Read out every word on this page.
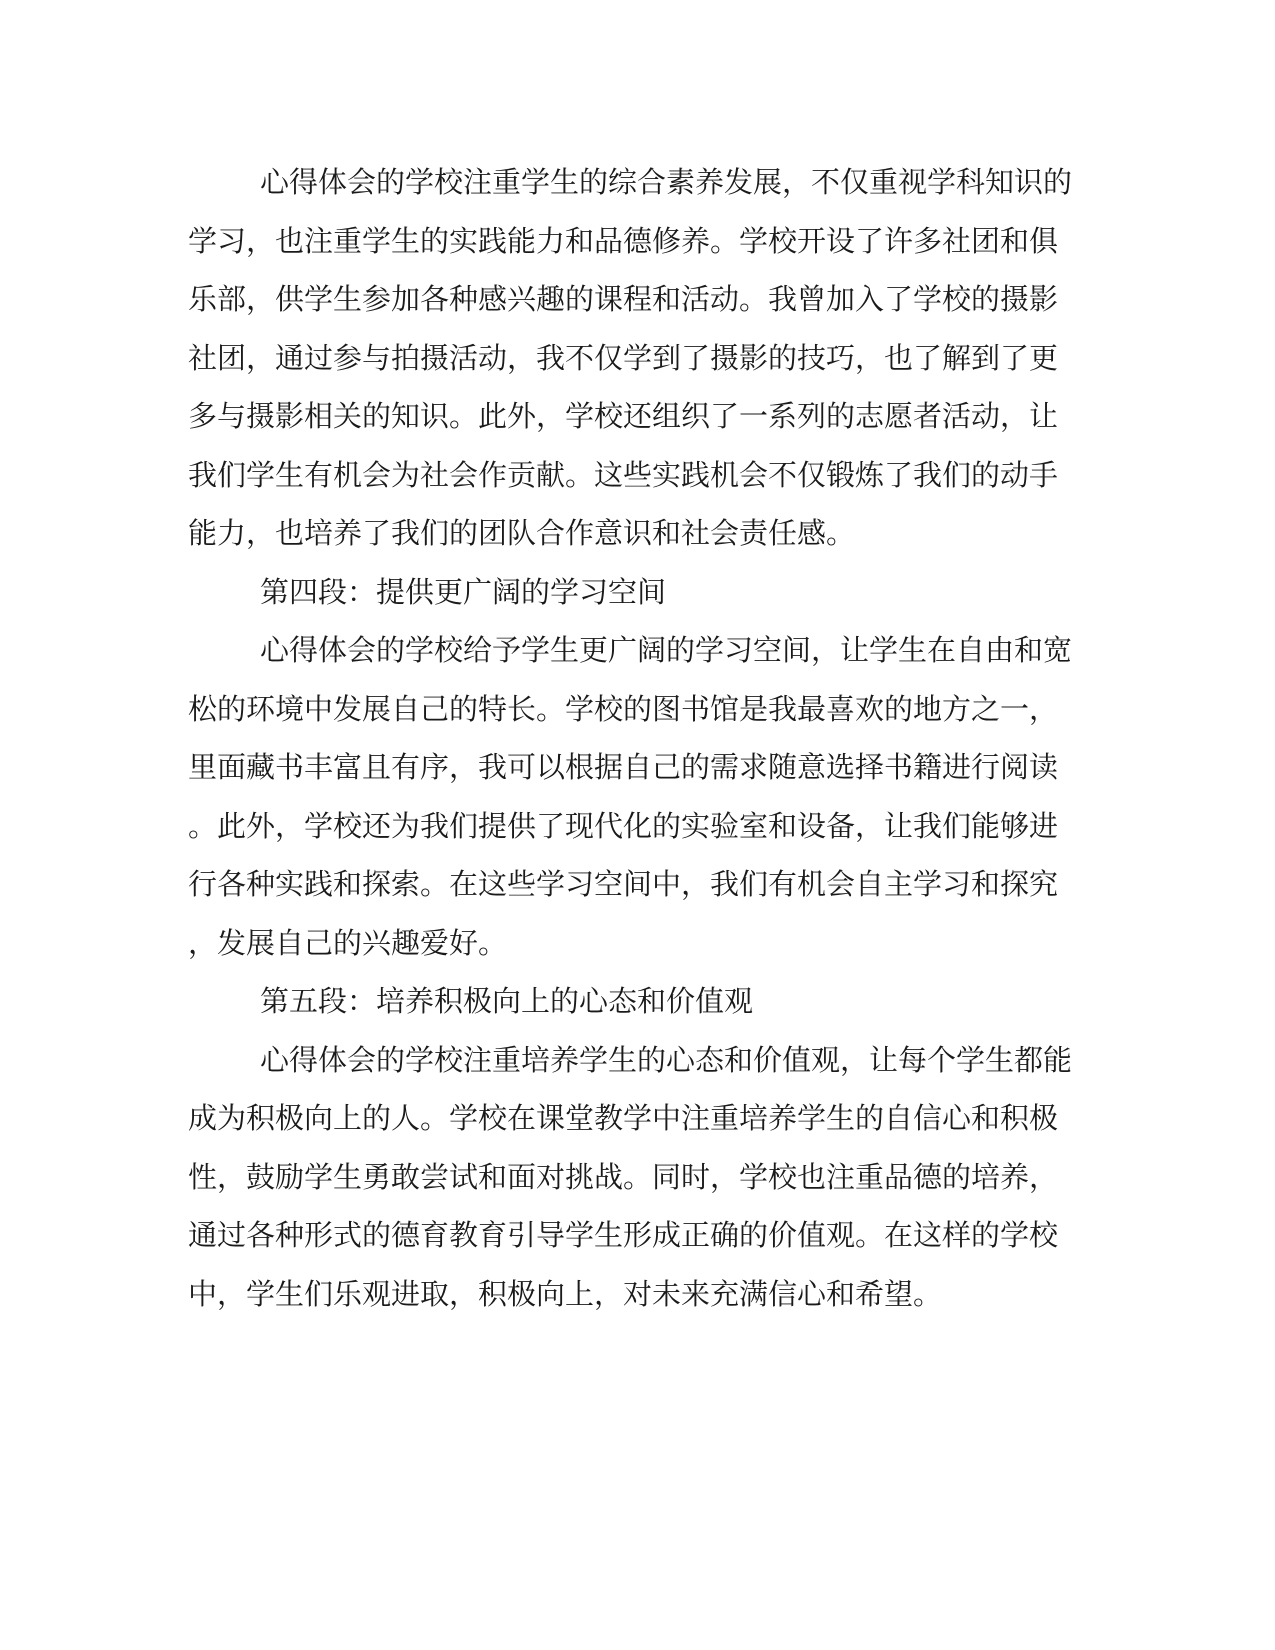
心得体会的学校注重学生的综合素养发展，不仅重视学科知识的

学习，也注重学生的实践能力和品德修养。学校开设了许多社团和俱

乐部，供学生参加各种感兴趣的课程和活动。我曾加入了学校的摄影

社团，通过参与拍摄活动，我不仅学到了摄影的技巧，也了解到了更

多与摄影相关的知识。此外，学校还组织了一系列的志愿者活动，让

我们学生有机会为社会作贡献。这些实践机会不仅锻炼了我们的动手

能力，也培养了我们的团队合作意识和社会责任感。

第四段：提供更广阔的学习空间

心得体会的学校给予学生更广阔的学习空间，让学生在自由和宽

松的环境中发展自己的特长。学校的图书馆是我最喜欢的地方之一，

里面藏书丰富且有序，我可以根据自己的需求随意选择书籍进行阅读

。此外，学校还为我们提供了现代化的实验室和设备，让我们能够进

行各种实践和探索。在这些学习空间中，我们有机会自主学习和探究

，发展自己的兴趣爱好。

第五段：培养积极向上的心态和价值观

心得体会的学校注重培养学生的心态和价值观，让每个学生都能

成为积极向上的人。学校在课堂教学中注重培养学生的自信心和积极

性，鼓励学生勇敢尝试和面对挑战。同时，学校也注重品德的培养，

通过各种形式的德育教育引导学生形成正确的价值观。在这样的学校

中，学生们乐观进取，积极向上，对未来充满信心和希望。
